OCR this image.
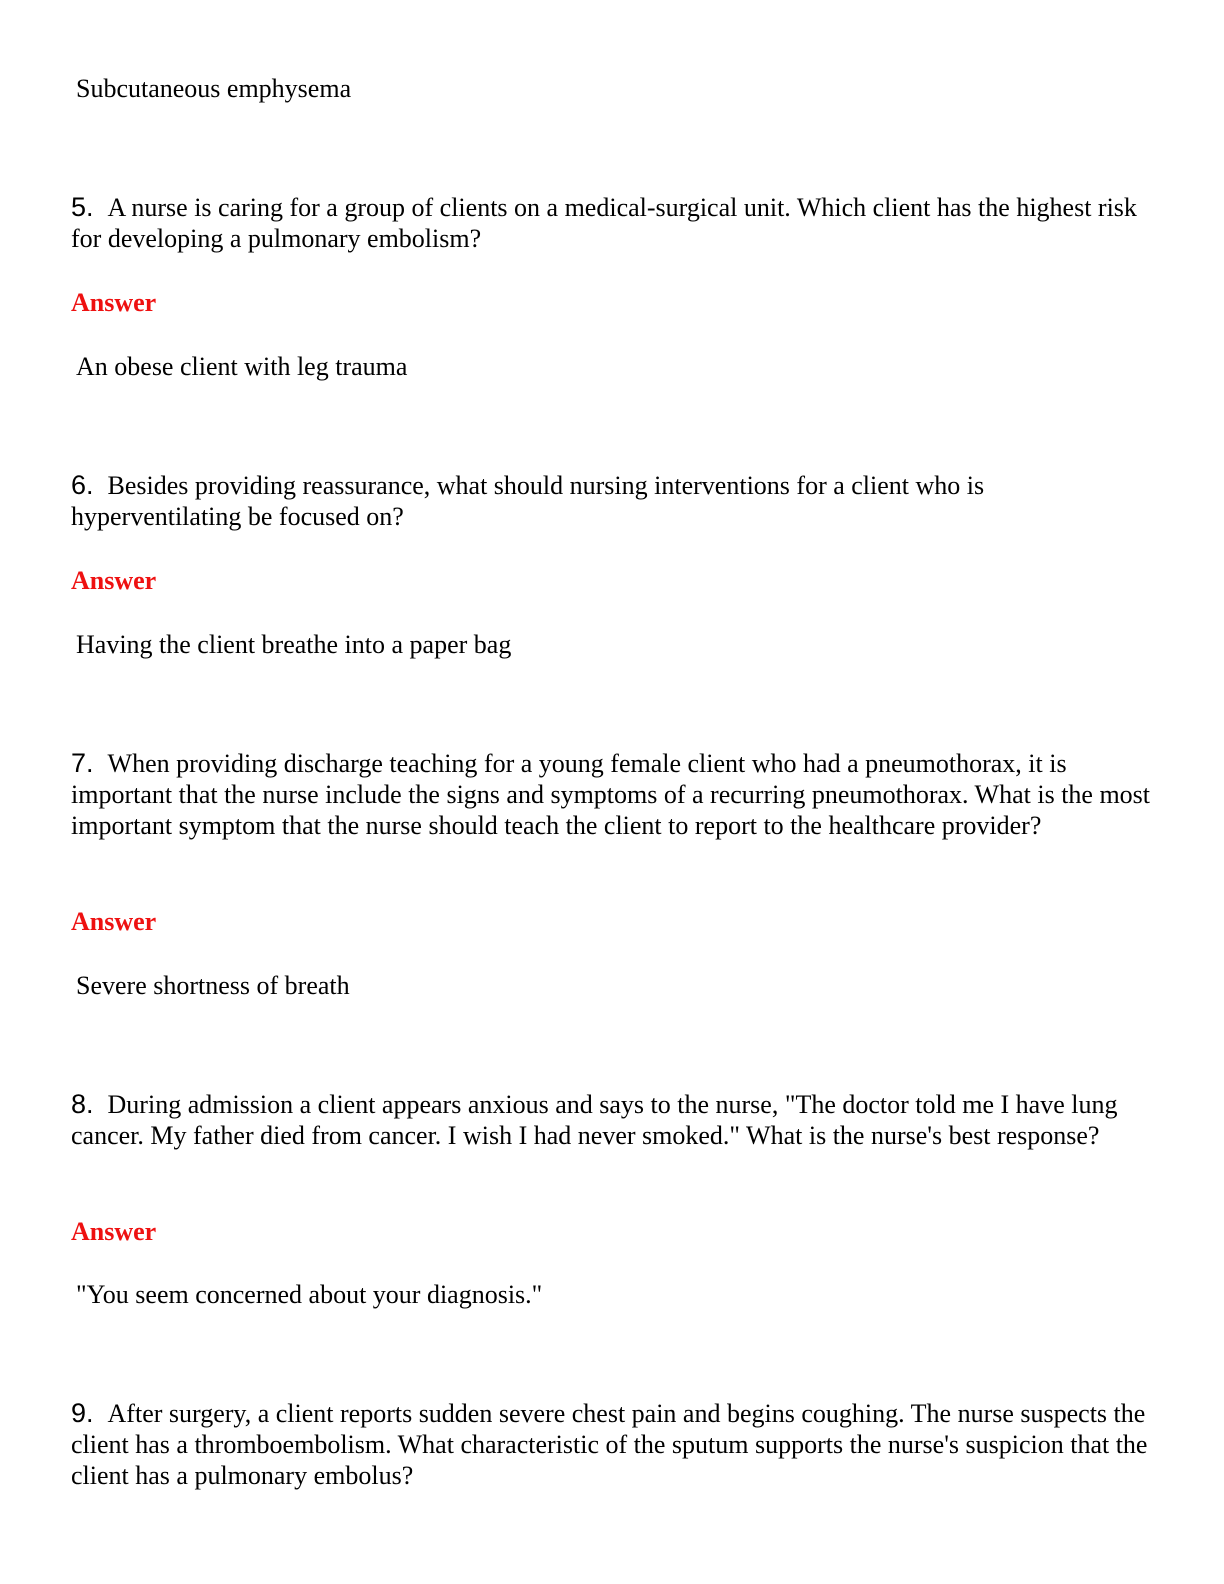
Subcutaneous emphysema
5. A nurse is caring for a group of clients on a medical-surgical unit. Which client has the highest risk for developing a pulmonary embolism?
Answer
An obese client with leg trauma
6. Besides providing reassurance, what should nursing interventions for a client who is hyperventilating be focused on?
Answer
Having the client breathe into a paper bag
7. When providing discharge teaching for a young female client who had a pneumothorax, it is important that the nurse include the signs and symptoms of a recurring pneumothorax. What is the most important symptom that the nurse should teach the client to report to the healthcare provider?
Answer
Severe shortness of breath
8. During admission a client appears anxious and says to the nurse, "The doctor told me I have lung cancer. My father died from cancer. I wish I had never smoked." What is the nurse's best response?
Answer
"You seem concerned about your diagnosis."
9. After surgery, a client reports sudden severe chest pain and begins coughing. The nurse suspects the client has a thromboembolism. What characteristic of the sputum supports the nurse's suspicion that the client has a pulmonary embolus?
